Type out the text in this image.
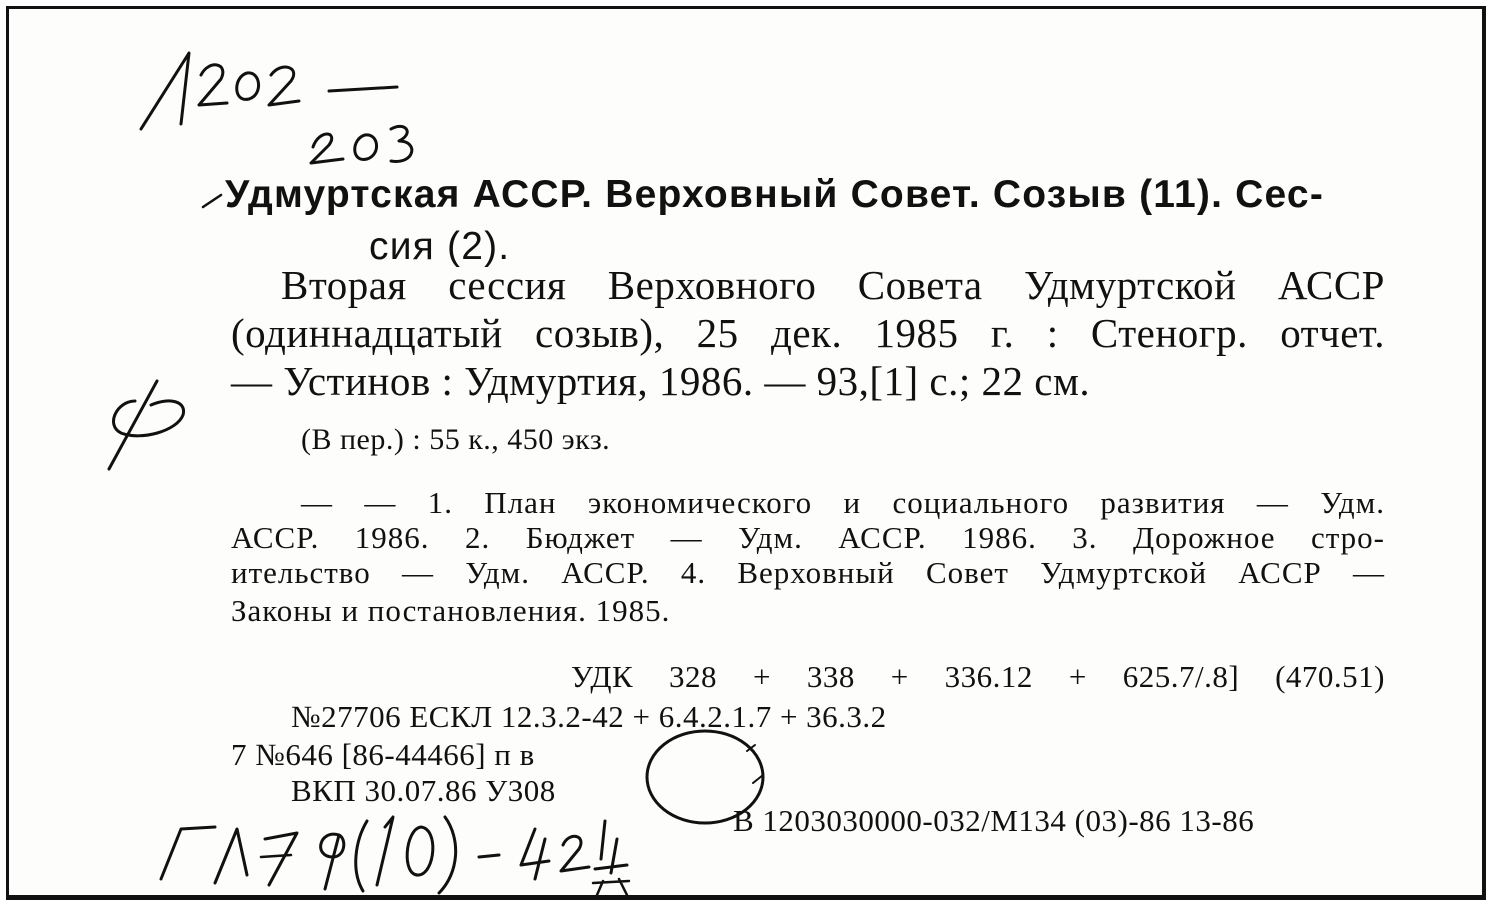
Удмуртская АССР. Верховный Совет. Созыв (11). Сес-
сия (2).
Вторая сессия Верховного Совета Удмуртской АССР
(одиннадцатый созыв), 25 дек. 1985 г. : Стеногр. отчет.
— Устинов : Удмуртия, 1986. — 93,[1] с.; 22 см.
(В пер.) : 55 к., 450 экз.
— — 1. План экономического и социального развития — Удм.
АССР. 1986. 2. Бюджет — Удм. АССР. 1986. 3. Дорожное стро-
ительство — Удм. АССР. 4. Верховный Совет Удмуртской АССР —
Законы и постановления. 1985.
УДК 328 + 338 + 336.12 + 625.7/.8] (470.51)
№27706 ЕСКЛ 12.3.2-42 + 6.4.2.1.7 + 36.3.2
7 №646 [86-44466] п в
ВКП 30.07.86 У308
В 1203030000-032/М134 (03)-86 13-86
